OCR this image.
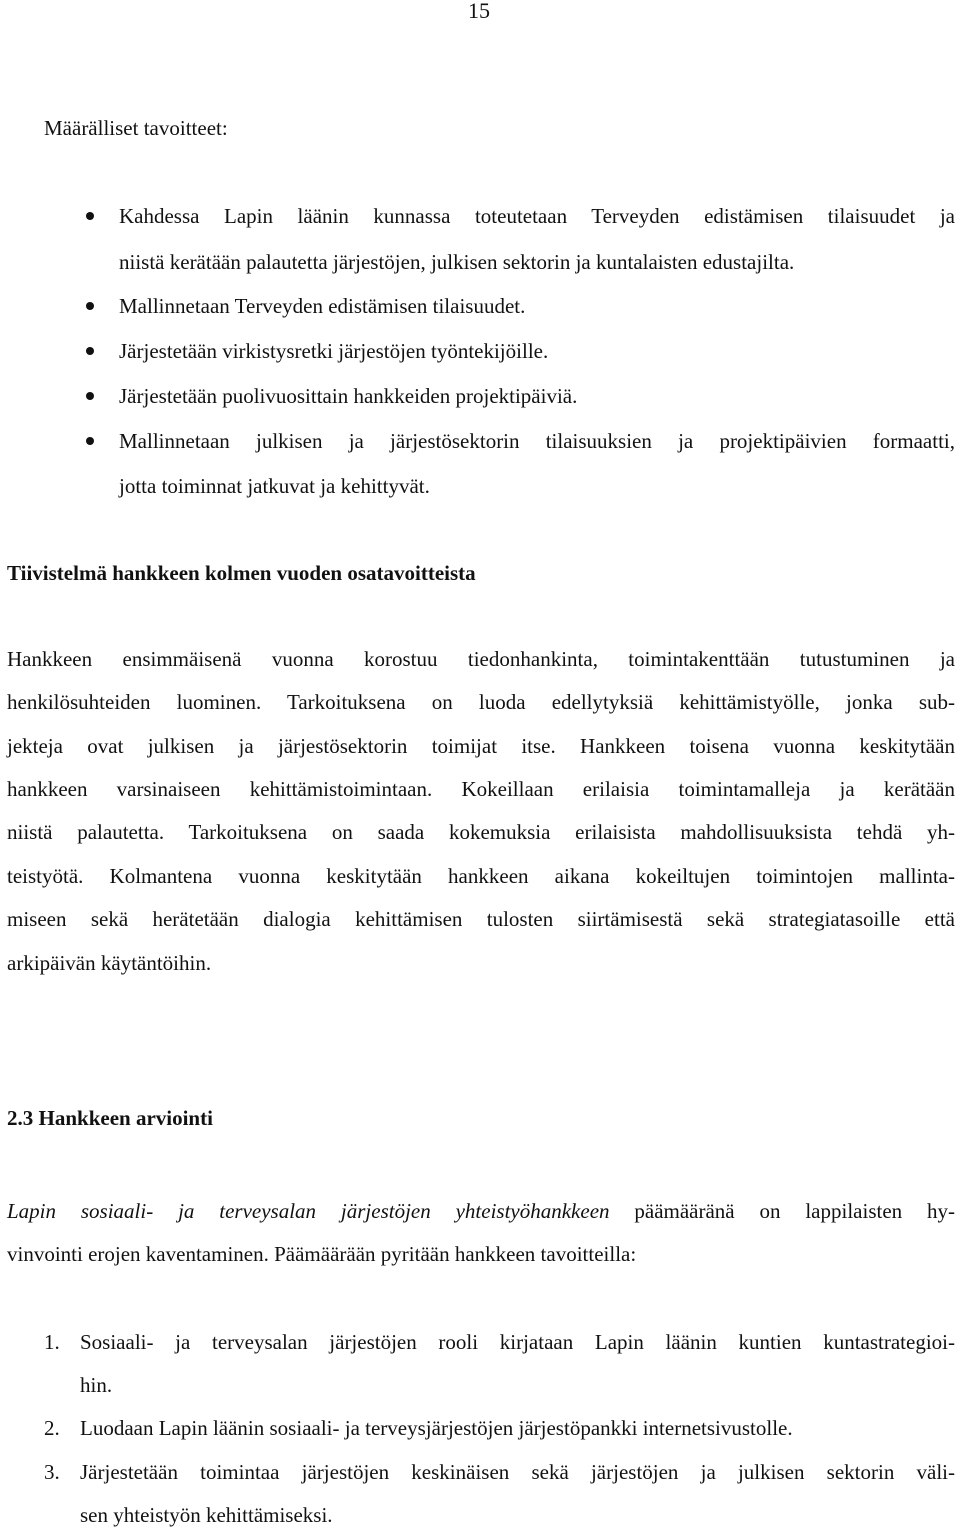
15
Määrälliset tavoitteet:
Kahdessa Lapin läänin kunnassa toteutetaan Terveyden edistämisen tilaisuudet ja
niistä kerätään palautetta järjestöjen, julkisen sektorin ja kuntalaisten edustajilta.
Mallinnetaan Terveyden edistämisen tilaisuudet.
Järjestetään virkistysretki järjestöjen työntekijöille.
Järjestetään puolivuosittain hankkeiden projektipäiviä.
Mallinnetaan julkisen ja järjestösektorin tilaisuuksien ja projektipäivien formaatti,
jotta toiminnat jatkuvat ja kehittyvät.
Tiivistelmä hankkeen kolmen vuoden osatavoitteista
Hankkeen ensimmäisenä vuonna korostuu tiedonhankinta, toimintakenttään tutustuminen ja
henkilösuhteiden luominen. Tarkoituksena on luoda edellytyksiä kehittämistyölle, jonka sub-
jekteja ovat julkisen ja järjestösektorin toimijat itse. Hankkeen toisena vuonna keskitytään
hankkeen varsinaiseen kehittämistoimintaan. Kokeillaan erilaisia toimintamalleja ja kerätään
niistä palautetta. Tarkoituksena on saada kokemuksia erilaisista mahdollisuuksista tehdä yh-
teistyötä. Kolmantena vuonna keskitytään hankkeen aikana kokeiltujen toimintojen mallinta-
miseen sekä herätetään dialogia kehittämisen tulosten siirtämisestä sekä strategiatasoille että
arkipäivän käytäntöihin.
2.3 Hankkeen arviointi
Lapin sosiaali- ja terveysalan järjestöjen yhteistyöhankkeen päämääränä on lappilaisten hy-
vinvointi erojen kaventaminen. Päämäärään pyritään hankkeen tavoitteilla:
1. Sosiaali- ja terveysalan järjestöjen rooli kirjataan Lapin läänin kuntien kuntastrategioi-
hin.
2. Luodaan Lapin läänin sosiaali- ja terveysjärjestöjen järjestöpankki internetsivustolle.
3. Järjestetään toimintaa järjestöjen keskinäisen sekä järjestöjen ja julkisen sektorin väli-
sen yhteistyön kehittämiseksi.
